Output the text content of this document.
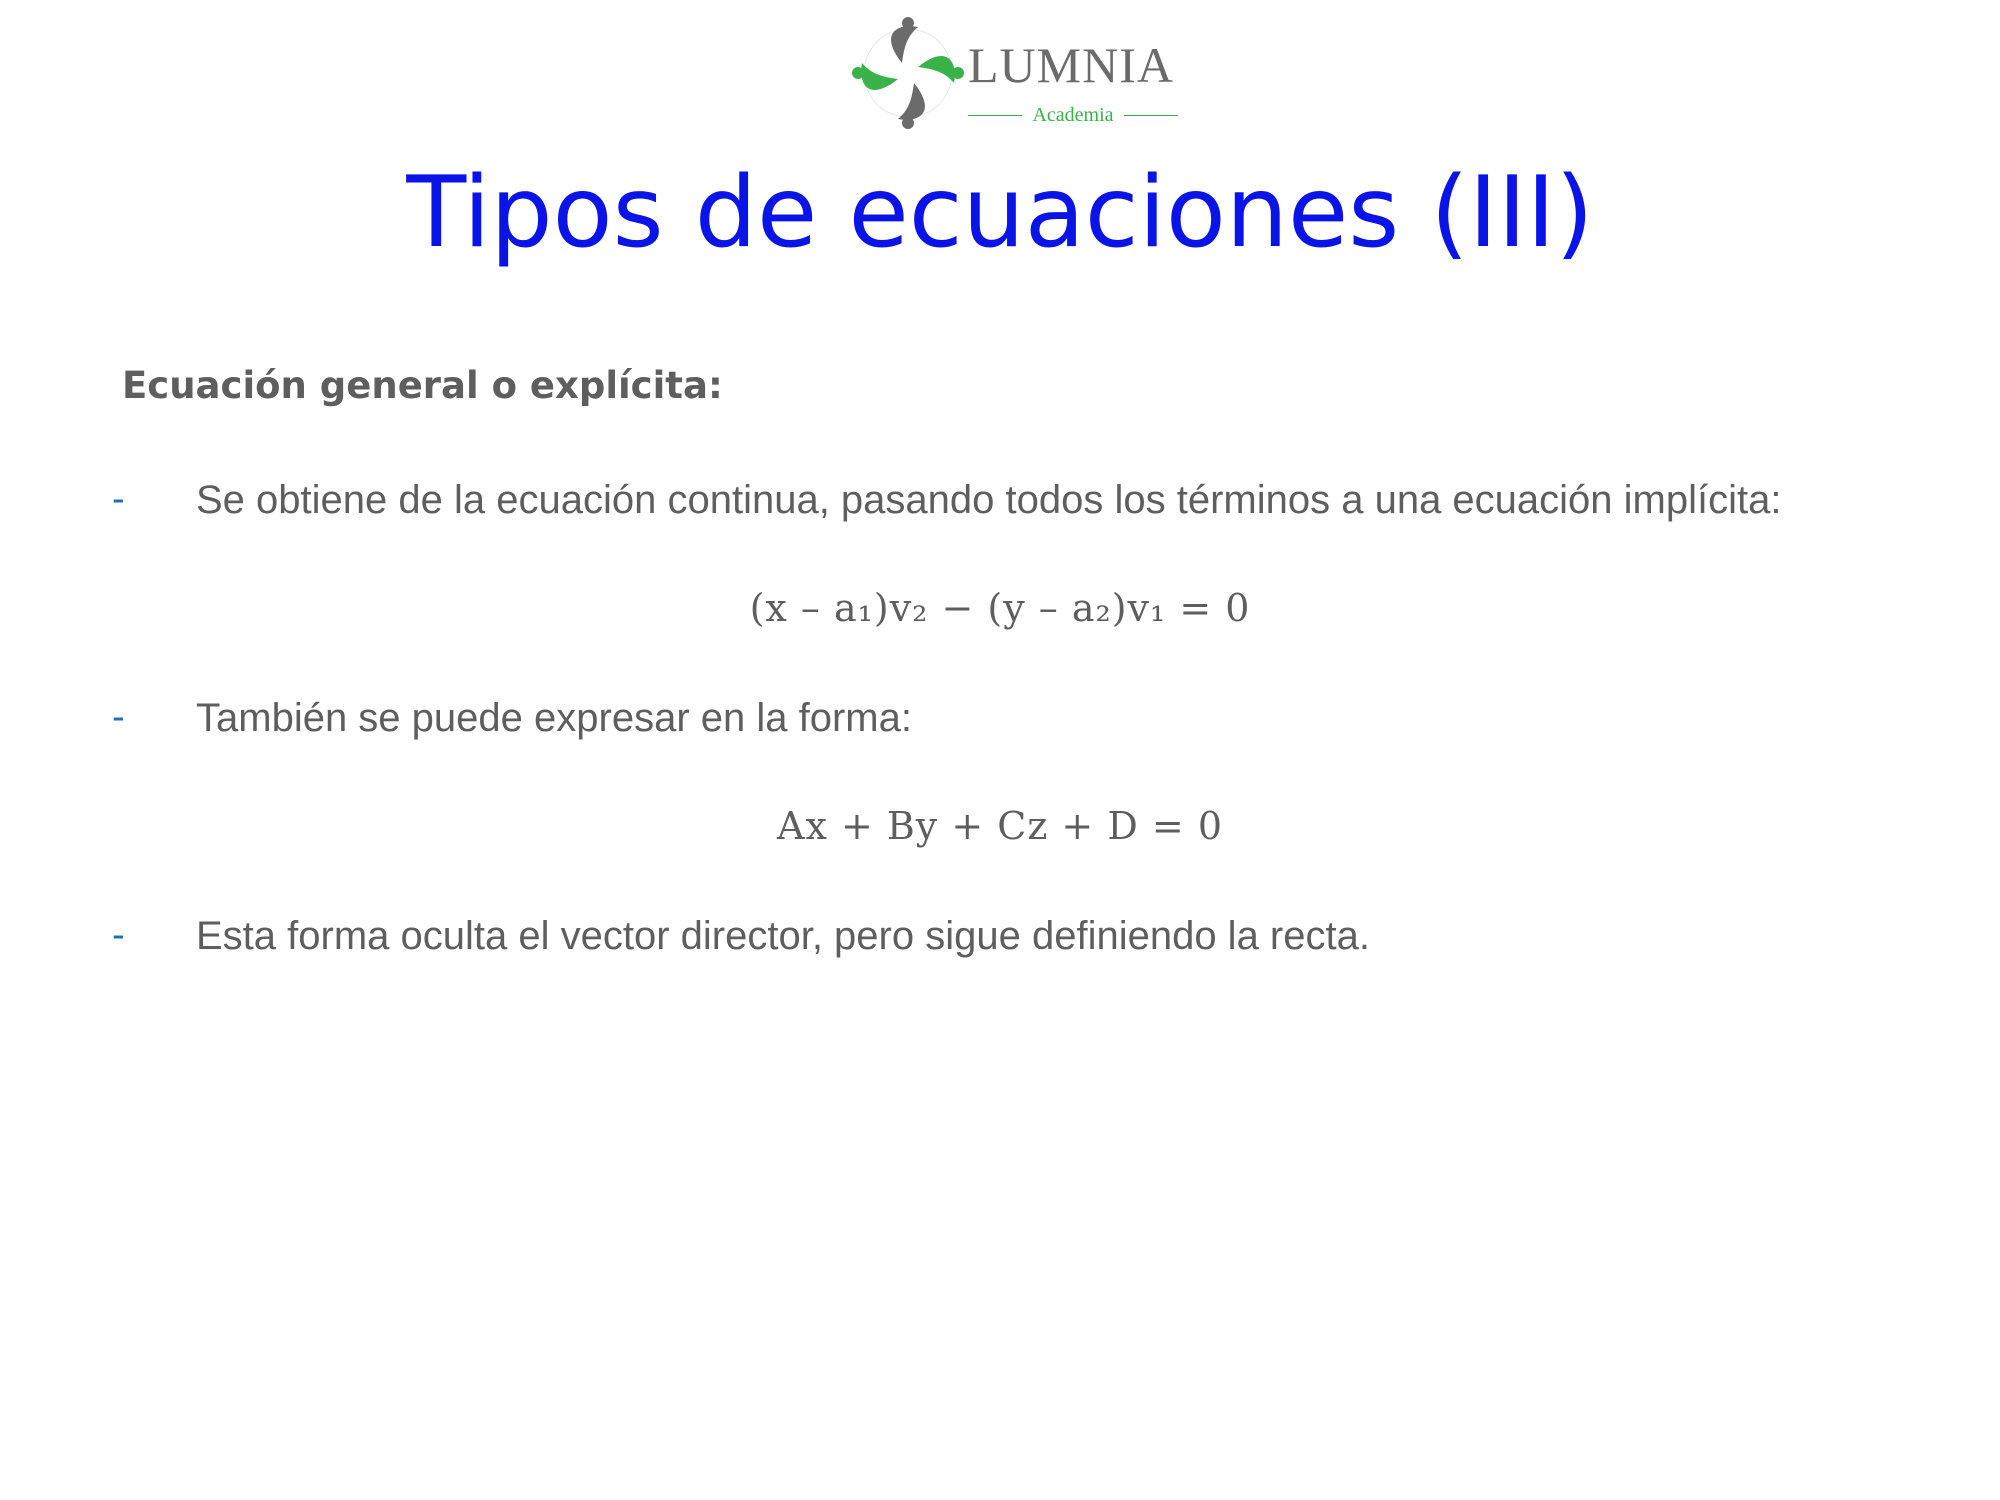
LUMNIA
Academia
Tipos de ecuaciones (III)
Ecuación general o explícita:
- Se obtiene de la ecuación continua, pasando todos los términos a una ecuación implícita:
(x – a₁)v₂ − (y – a₂)v₁ = 0
- También se puede expresar en la forma:
Ax + By + Cz + D = 0
- Esta forma oculta el vector director, pero sigue definiendo la recta.
